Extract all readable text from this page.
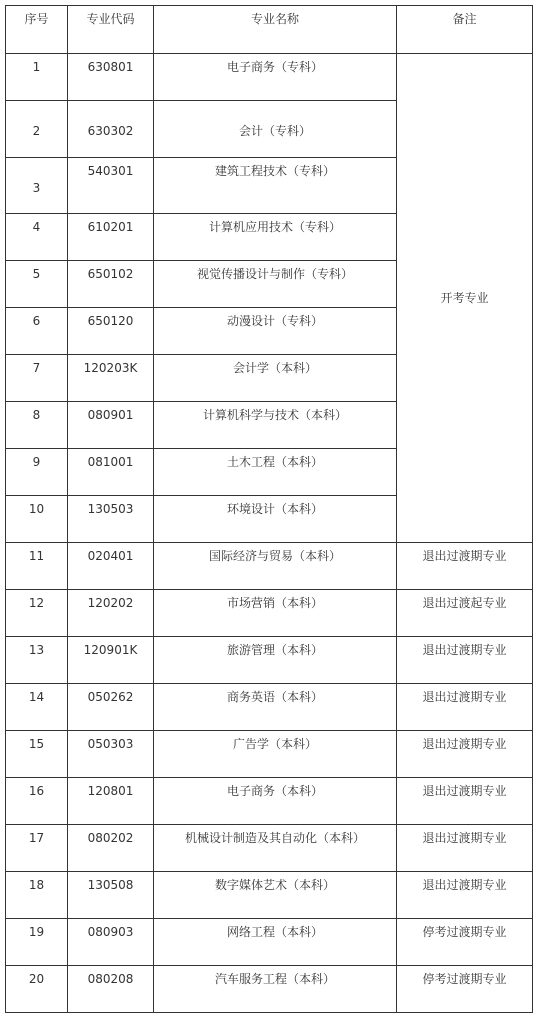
序号	专业代码	专业名称	备注
1	630801	电子商务（专科）	开考专业
2	630302	会计（专科）	
3	540301	建筑工程技术（专科）	
4	610201	计算机应用技术（专科）	
5	650102	视觉传播设计与制作（专科）	
6	650120	动漫设计（专科）	
7	120203K	会计学（本科）	
8	080901	计算机科学与技术（本科）	
9	081001	土木工程（本科）	
10	130503	环境设计（本科）	
11	020401	国际经济与贸易（本科）	退出过渡期专业
12	120202	市场营销（本科）	退出过渡起专业
13	120901K	旅游管理（本科）	退出过渡期专业
14	050262	商务英语（本科）	退出过渡期专业
15	050303	广告学（本科）	退出过渡期专业
16	120801	电子商务（本科）	退出过渡期专业
17	080202	机械设计制造及其自动化（本科）	退出过渡期专业
18	130508	数字媒体艺术（本科）	退出过渡期专业
19	080903	网络工程（本科）	停考过渡期专业
20	080208	汽车服务工程（本科）	停考过渡期专业
